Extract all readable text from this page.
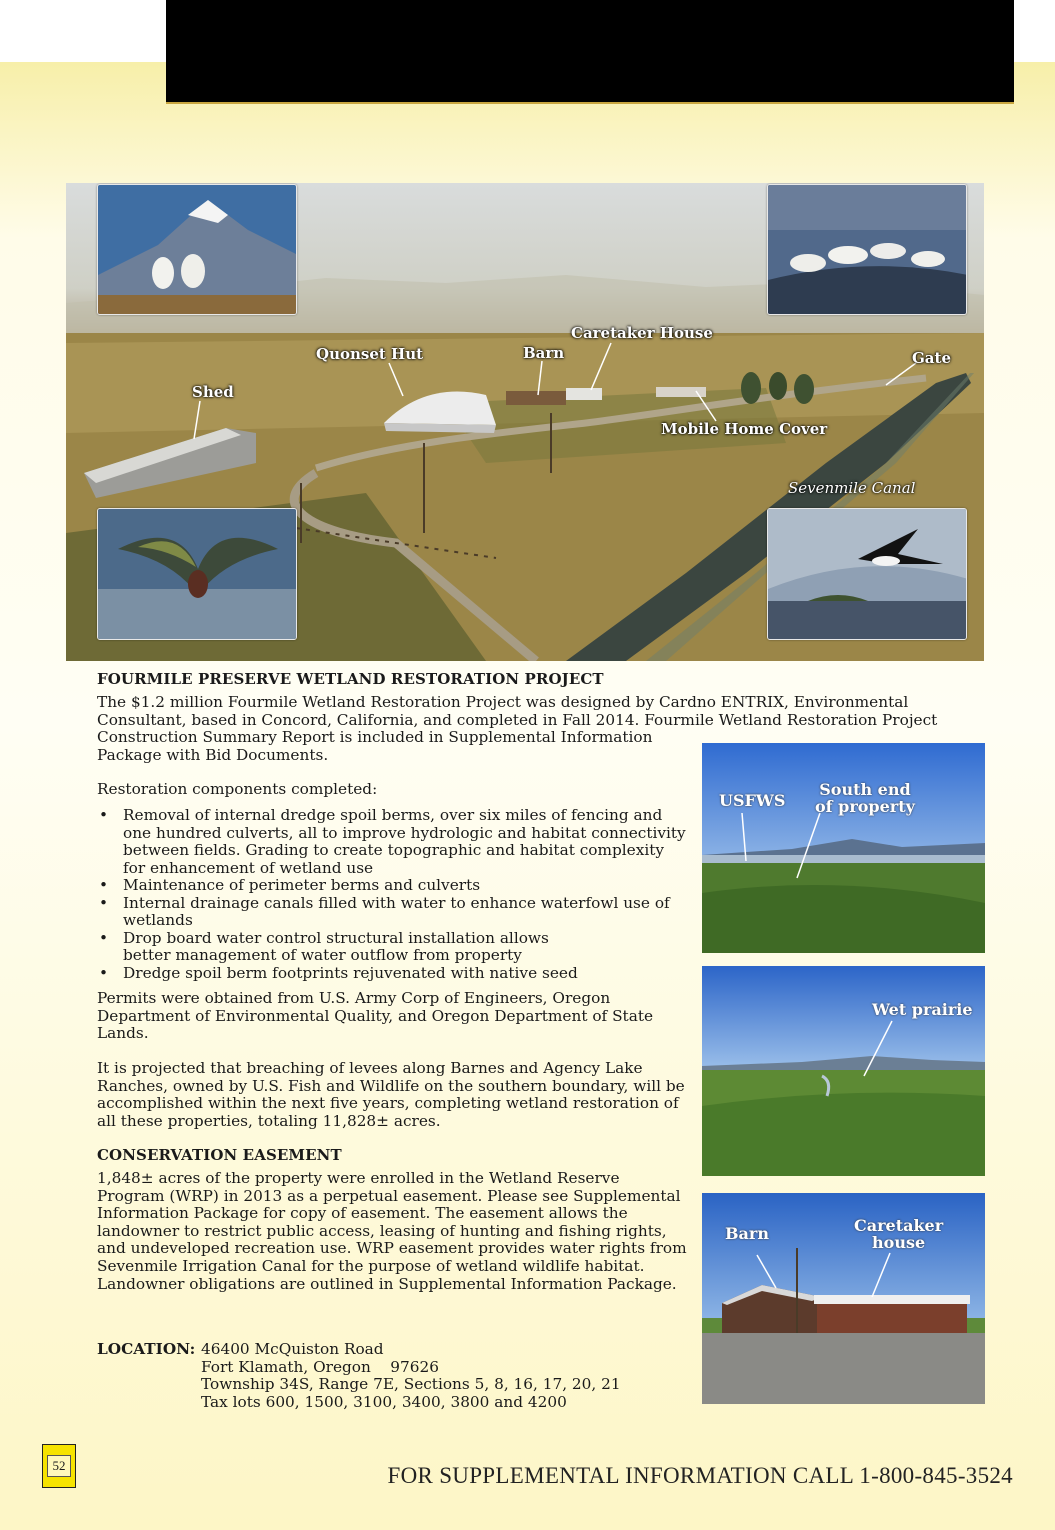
Quonset Hut	Barn
Caretaker House
Gate
Shed
Mobile Home Cover
Sevenmile Canal
FOURMILE PRESERVE WETLAND RESTORATION PROJECT
The $1.2 million Fourmile Wetland Restoration Project was designed by Cardno ENTRIX, Environmental
Consultant, based in Concord, California, and completed in Fall 2014. Fourmile Wetland Restoration Project
Construction Summary Report is included in Supplemental Information
Package with Bid Documents.
Restoration components completed:
• Removal of internal dredge spoil berms, over six miles of fencing and one hundred culverts, all to improve hydrologic and habitat connectivity between fields. Grading to create topographic and habitat complexity for enhancement of wetland use
• Maintenance of perimeter berms and culverts
• Internal drainage canals filled with water to enhance waterfowl use of wetlands
• Drop board water control structural installation allows better management of water outflow from property
• Dredge spoil berm footprints rejuvenated with native seed
Permits were obtained from U.S. Army Corp of Engineers, Oregon Department of Environmental Quality, and Oregon Department of State Lands.
It is projected that breaching of levees along Barnes and Agency Lake Ranches, owned by U.S. Fish and Wildlife on the southern boundary, will be accomplished within the next five years, completing wetland restoration of all these properties, totaling 11,828± acres.
CONSERVATION EASEMENT
1,848± acres of the property were enrolled in the Wetland Reserve Program (WRP) in 2013 as a perpetual easement. Please see Supplemental Information Package for copy of easement. The easement allows the landowner to restrict public access, leasing of hunting and fishing rights, and undeveloped recreation use. WRP easement provides water rights from Sevenmile Irrigation Canal for the purpose of wetland wildlife habitat. Landowner obligations are outlined in Supplemental Information Package.
LOCATION: 46400 McQuiston Road
Fort Klamath, Oregon    97626
Township 34S, Range 7E, Sections 5, 8, 16, 17, 20, 21
Tax lots 600, 1500, 3100, 3400, 3800 and 4200
USFWS
South end
of property
Wet prairie
Barn	Caretaker
house
52	FOR SUPPLEMENTAL INFORMATION CALL 1-800-845-3524
